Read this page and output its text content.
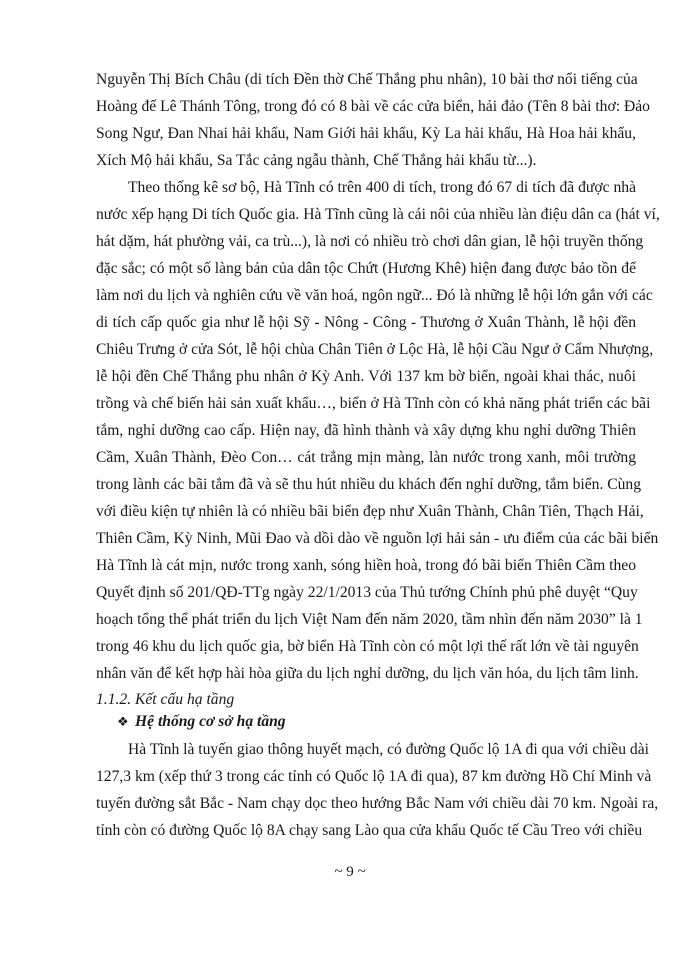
Nguyễn Thị Bích Châu (di tích Đền thờ Chế Thắng phu nhân), 10 bài thơ nổi tiếng của
Hoàng đế Lê Thánh Tông, trong đó có 8 bài về các cửa biển, hải đảo (Tên 8 bài thơ: Đảo
Song Ngư, Đan Nhai hải khẩu, Nam Giới hải khẩu, Kỳ La hải khẩu, Hà Hoa hải khẩu,
Xích Mộ hải khẩu, Sa Tắc cảng ngẫu thành, Chế Thắng hải khẩu từ...).
Theo thống kê sơ bộ, Hà Tĩnh có trên 400 di tích, trong đó 67 di tích đã được nhà
nước xếp hạng Di tích Quốc gia. Hà Tĩnh cũng là cái nôi của nhiều làn điệu dân ca (hát ví,
hát dặm, hát phường vải, ca trù...), là nơi có nhiều trò chơi dân gian, lễ hội truyền thống
đặc sắc; có một số làng bản của dân tộc Chứt (Hương Khê) hiện đang được bảo tồn để
làm nơi du lịch và nghiên cứu về văn hoá, ngôn ngữ... Đó là những lễ hội lớn gắn với các
di tích cấp quốc gia như lễ hội Sỹ - Nông - Công - Thương ở Xuân Thành, lễ hội đền
Chiêu Trưng ở cửa Sót, lễ hội chùa Chân Tiên ở Lộc Hà, lễ hội Cầu Ngư ở Cẩm Nhượng,
lễ hội đền Chế Thắng phu nhân ở Kỳ Anh. Với 137 km bờ biển, ngoài khai thác, nuôi
trồng và chế biến hải sản xuất khẩu…, biển ở Hà Tĩnh còn có khả năng phát triển các bãi
tắm, nghỉ dưỡng cao cấp. Hiện nay, đã hình thành và xây dựng khu nghỉ dưỡng Thiên
Cầm, Xuân Thành, Đèo Con… cát trắng mịn màng, làn nước trong xanh, môi trường
trong lành các bãi tắm đã và sẽ thu hút nhiều du khách đến nghỉ dưỡng, tắm biển. Cùng
với điều kiện tự nhiên là có nhiều bãi biển đẹp như Xuân Thành, Chân Tiên, Thạch Hải,
Thiên Cầm, Kỳ Ninh, Mũi Đao và dồi dào về nguồn lợi hải sản - ưu điểm của các bãi biển
Hà Tĩnh là cát mịn, nước trong xanh, sóng hiền hoà, trong đó bãi biển Thiên Cầm theo
Quyết định số 201/QĐ-TTg ngày 22/1/2013 của Thủ tướng Chính phủ phê duyệt “Quy
hoạch tổng thể phát triển du lịch Việt Nam đến năm 2020, tầm nhìn đến năm 2030” là 1
trong 46 khu du lịch quốc gia, bờ biển Hà Tĩnh còn có một lợi thế rất lớn về tài nguyên
nhân văn để kết hợp hài hòa giữa du lịch nghỉ dưỡng, du lịch văn hóa, du lịch tâm linh.
1.1.2. Kết cấu hạ tầng
❖ Hệ thống cơ sở hạ tầng
Hà Tĩnh là tuyến giao thông huyết mạch, có đường Quốc lộ 1A đi qua với chiều dài
127,3 km (xếp thứ 3 trong các tỉnh có Quốc lộ 1A đi qua), 87 km đường Hồ Chí Minh và
tuyến đường sắt Bắc - Nam chạy dọc theo hướng Bắc Nam với chiều dài 70 km. Ngoài ra,
tỉnh còn có đường Quốc lộ 8A chạy sang Lào qua cửa khẩu Quốc tế Cầu Treo với chiều
~ 9 ~
